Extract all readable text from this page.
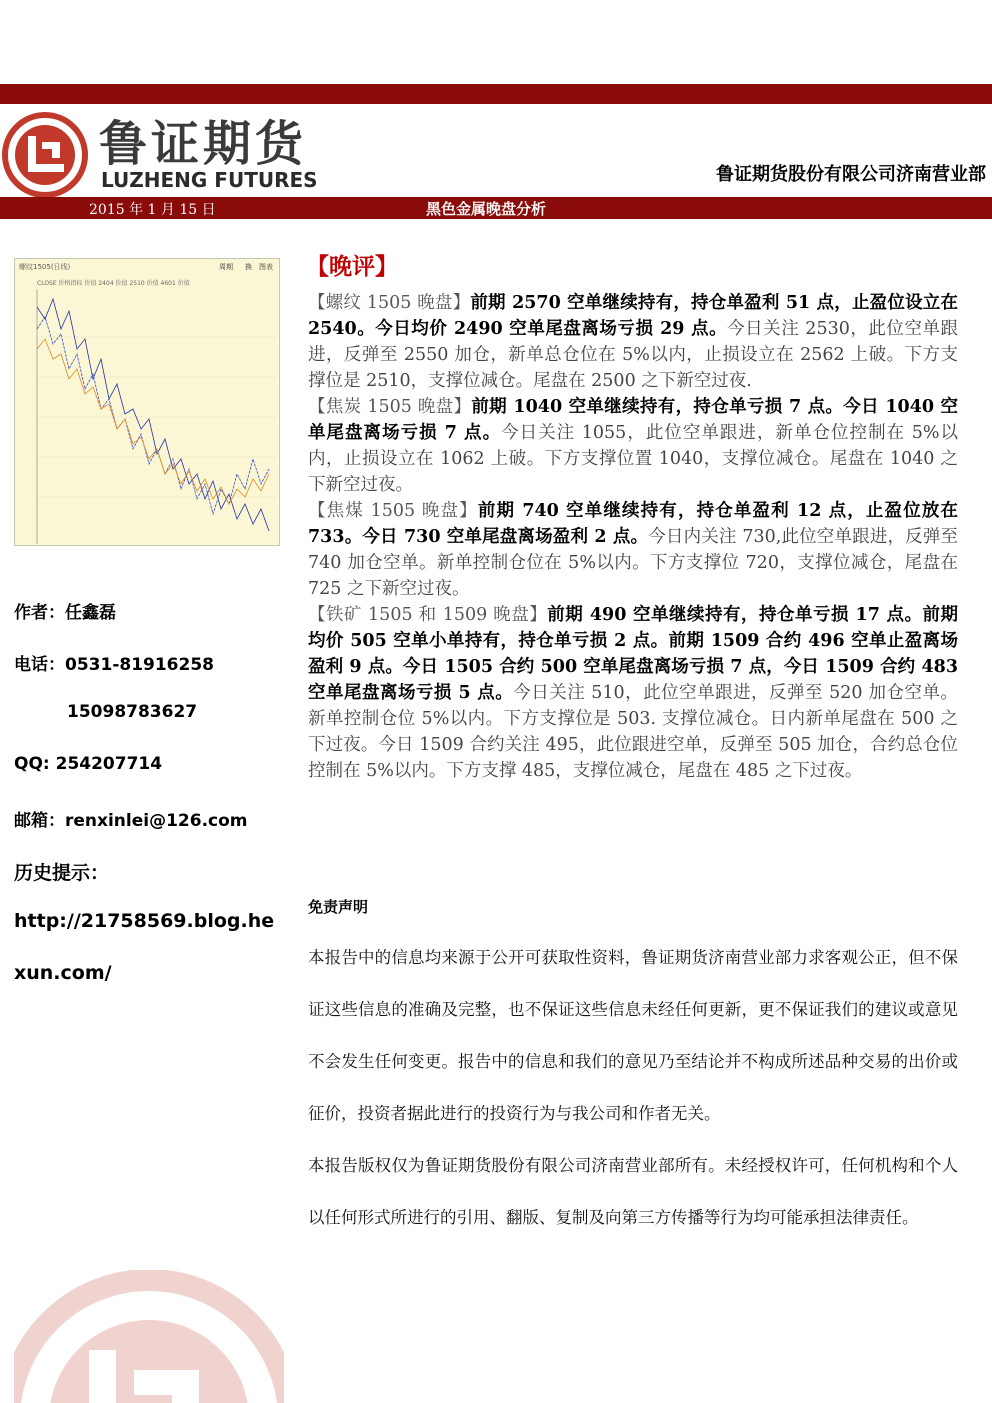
鲁证期货
LUZHENG FUTURES	鲁证期货股份有限公司济南营业部
2015 年 1 月 15 日	黑色金属晚盘分析
螺纹1505(日线)	周期 换 图表
CLOSE 价格指标 价值 2404 价值 2510 价值 4601 价值
作者：任鑫磊
电话：0531-81916258
15098783627
QQ: 254207714
邮箱：renxinlei@126.com
历史提示：
http://21758569.blog.he
xun.com/
【晚评】

【螺纹 1505 晚盘】前期 2570 空单继续持有，持仓单盈利 51 点，止盈位设立在 2540。今日均价 2490 空单尾盘离场亏损 29 点。今日关注 2530，此位空单跟进，反弹至 2550 加仓，新单总仓位在 5%以内，止损设立在 2562 上破。下方支撑位是 2510，支撑位减仓。尾盘在 2500 之下新空过夜.

【焦炭 1505 晚盘】前期 1040 空单继续持有，持仓单亏损 7 点。今日 1040 空单尾盘离场亏损 7 点。今日关注 1055，此位空单跟进，新单仓位控制在 5%以内，止损设立在 1062 上破。下方支撑位置 1040，支撑位减仓。尾盘在 1040 之下新空过夜。

【焦煤 1505 晚盘】前期 740 空单继续持有，持仓单盈利 12 点，止盈位放在 733。今日 730 空单尾盘离场盈利 2 点。今日内关注 730,此位空单跟进，反弹至 740 加仓空单。新单控制仓位在 5%以内。下方支撑位 720，支撑位减仓，尾盘在 725 之下新空过夜。

【铁矿 1505 和 1509 晚盘】前期 490 空单继续持有，持仓单亏损 17 点。前期均价 505 空单小单持有，持仓单亏损 2 点。前期 1509 合约 496 空单止盈离场盈利 9 点。今日 1505 合约 500 空单尾盘离场亏损 7 点，今日 1509 合约 483 空单尾盘离场亏损 5 点。今日关注 510，此位空单跟进，反弹至 520 加仓空单。新单控制仓位 5%以内。下方支撑位是 503. 支撑位减仓。日内新单尾盘在 500 之下过夜。今日 1509 合约关注 495，此位跟进空单，反弹至 505 加仓，合约总仓位控制在 5%以内。下方支撑 485，支撑位减仓，尾盘在 485 之下过夜。

免责声明

本报告中的信息均来源于公开可获取性资料，鲁证期货济南营业部力求客观公正，但不保证这些信息的准确及完整，也不保证这些信息未经任何更新，更不保证我们的建议或意见不会发生任何变更。报告中的信息和我们的意见乃至结论并不构成所述品种交易的出价或征价，投资者据此进行的投资行为与我公司和作者无关。

本报告版权仅为鲁证期货股份有限公司济南营业部所有。未经授权许可，任何机构和个人以任何形式所进行的引用、翻版、复制及向第三方传播等行为均可能承担法律责任。
